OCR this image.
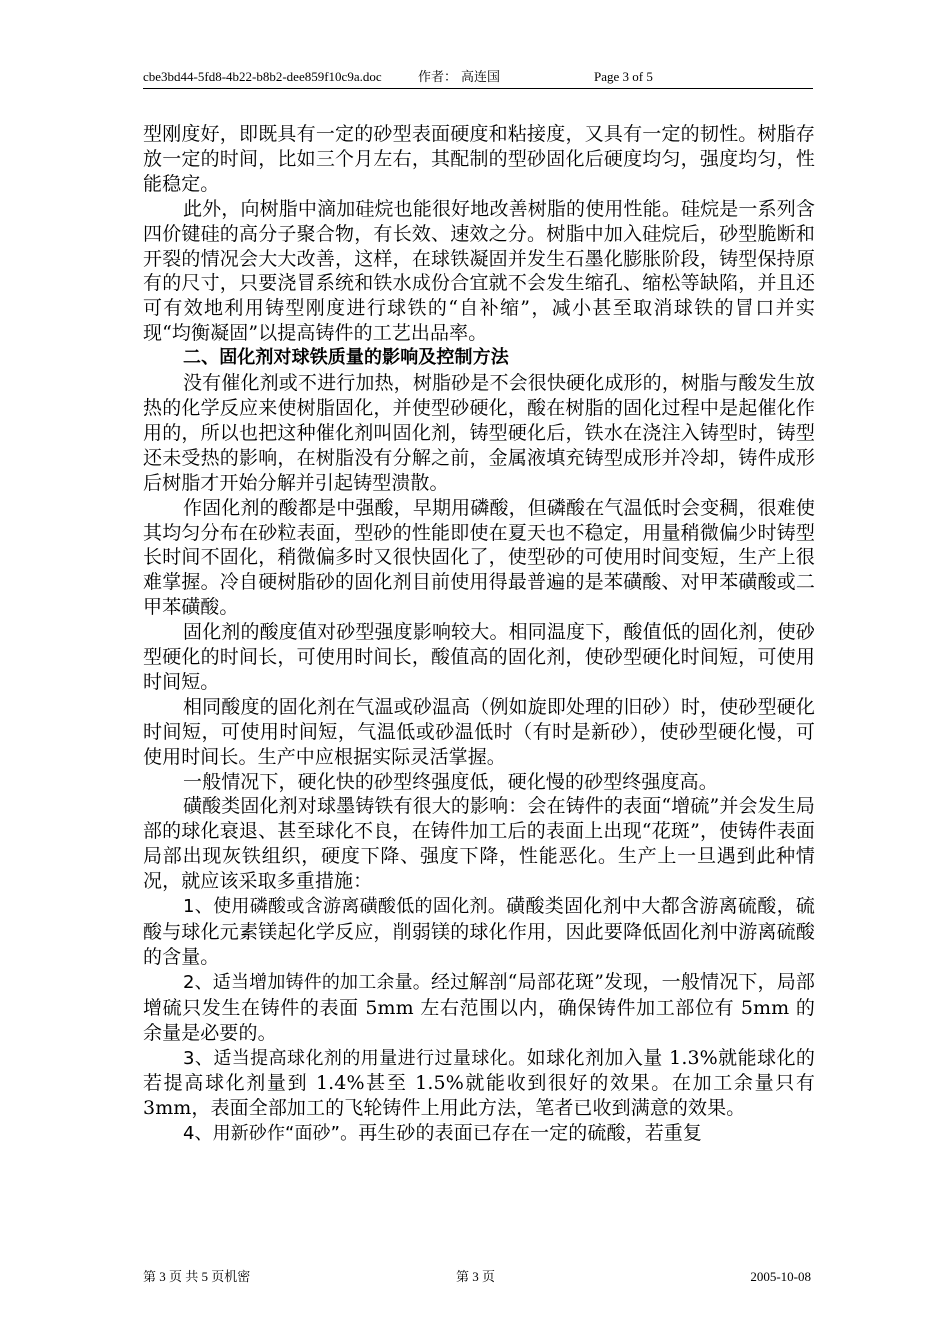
cbe3bd44-5fd8-4b22-b8b2-dee859f10c9a.doc	作者： 高连国	Page 3 of 5

型刚度好，即既具有一定的砂型表面硬度和粘接度，又具有一定的韧性。树脂存放一定的时间，比如三个月左右，其配制的型砂固化后硬度均匀，强度均匀，性能稳定。

此外，向树脂中滴加硅烷也能很好地改善树脂的使用性能。硅烷是一系列含四价键硅的高分子聚合物，有长效、速效之分。树脂中加入硅烷后，砂型脆断和开裂的情况会大大改善，这样，在球铁凝固并发生石墨化膨胀阶段，铸型保持原有的尺寸，只要浇冒系统和铁水成份合宜就不会发生缩孔、缩松等缺陷，并且还可有效地利用铸型刚度进行球铁的“自补缩”，减小甚至取消球铁的冒口并实现“均衡凝固”以提高铸件的工艺出品率。

二、固化剂对球铁质量的影响及控制方法

没有催化剂或不进行加热，树脂砂是不会很快硬化成形的，树脂与酸发生放热的化学反应来使树脂固化，并使型砂硬化，酸在树脂的固化过程中是起催化作用的，所以也把这种催化剂叫固化剂，铸型硬化后，铁水在浇注入铸型时，铸型还未受热的影响，在树脂没有分解之前，金属液填充铸型成形并冷却，铸件成形后树脂才开始分解并引起铸型溃散。

作固化剂的酸都是中强酸，早期用磷酸，但磷酸在气温低时会变稠，很难使其均匀分布在砂粒表面，型砂的性能即使在夏天也不稳定，用量稍微偏少时铸型长时间不固化，稍微偏多时又很快固化了，使型砂的可使用时间变短，生产上很难掌握。冷自硬树脂砂的固化剂目前使用得最普遍的是苯磺酸、对甲苯磺酸或二甲苯磺酸。

固化剂的酸度值对砂型强度影响较大。相同温度下，酸值低的固化剂，使砂型硬化的时间长，可使用时间长，酸值高的固化剂，使砂型硬化时间短，可使用时间短。

相同酸度的固化剂在气温或砂温高（例如旋即处理的旧砂）时，使砂型硬化时间短，可使用时间短，气温低或砂温低时（有时是新砂），使砂型硬化慢，可使用时间长。生产中应根据实际灵活掌握。

一般情况下，硬化快的砂型终强度低，硬化慢的砂型终强度高。

磺酸类固化剂对球墨铸铁有很大的影响：会在铸件的表面“增硫”并会发生局部的球化衰退、甚至球化不良，在铸件加工后的表面上出现“花斑”，使铸件表面局部出现灰铁组织，硬度下降、强度下降，性能恶化。生产上一旦遇到此种情况，就应该采取多重措施：

1、使用磷酸或含游离磺酸低的固化剂。磺酸类固化剂中大都含游离硫酸，硫酸与球化元素镁起化学反应，削弱镁的球化作用，因此要降低固化剂中游离硫酸的含量。

2、适当增加铸件的加工余量。经过解剖“局部花斑”发现，一般情况下，局部增硫只发生在铸件的表面 5mm 左右范围以内，确保铸件加工部位有 5mm 的余量是必要的。

3、适当提高球化剂的用量进行过量球化。如球化剂加入量 1.3%就能球化的若提高球化剂量到 1.4%甚至 1.5%就能收到很好的效果。在加工余量只有 3mm，表面全部加工的飞轮铸件上用此方法，笔者已收到满意的效果。

4、用新砂作“面砂”。再生砂的表面已存在一定的硫酸，若重复

第 3 页 共 5 页机密	第 3 页	2005-10-08
